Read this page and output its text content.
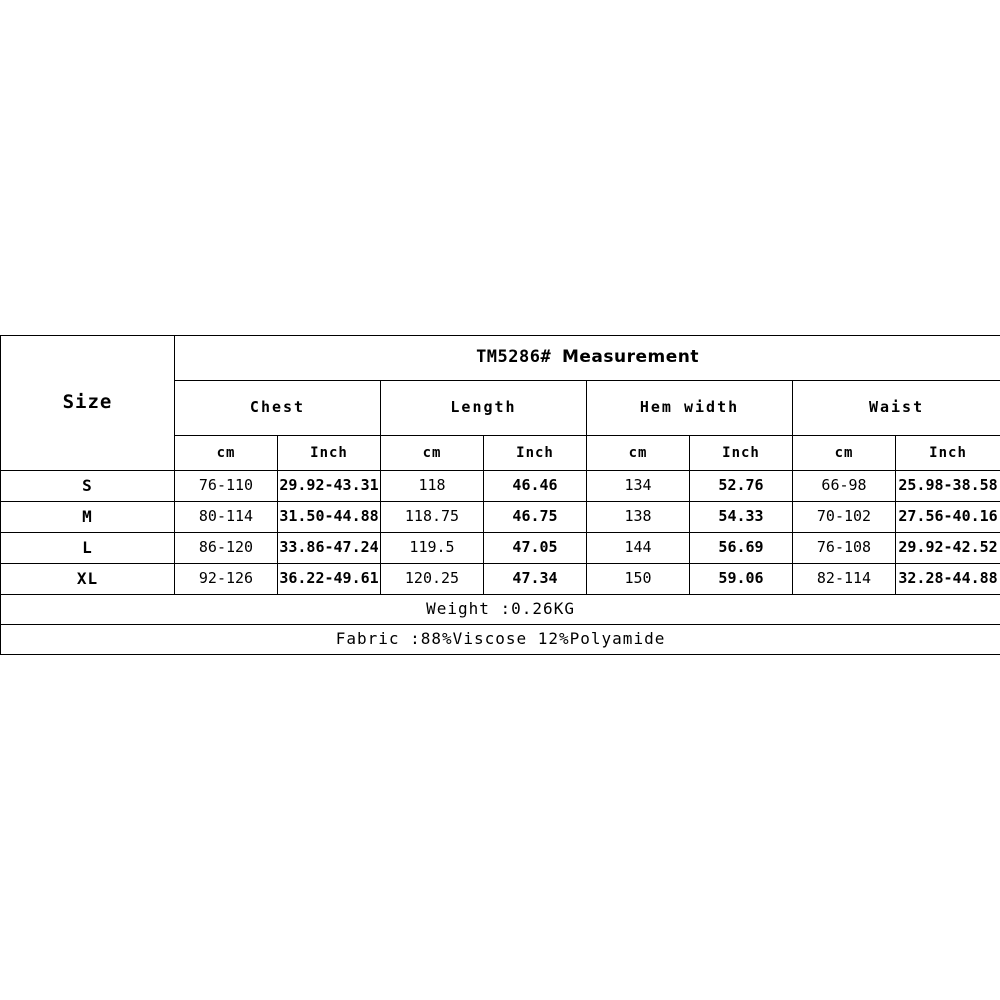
Size	TM5286# Measurement							
	Chest		Length		Hem width		Waist	
	cm	Inch	cm	Inch	cm	Inch	cm	Inch
S	76-110	29.92-43.31	118	46.46	134	52.76	66-98	25.98-38.58
M	80-114	31.50-44.88	118.75	46.75	138	54.33	70-102	27.56-40.16
L	86-120	33.86-47.24	119.5	47.05	144	56.69	76-108	29.92-42.52
XL	92-126	36.22-49.61	120.25	47.34	150	59.06	82-114	32.28-44.88
Weight :0.26KG								
Fabric :88%Viscose 12%Polyamide								
